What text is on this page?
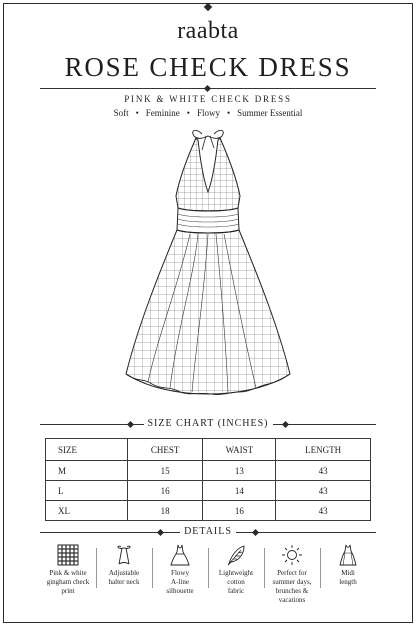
raabta
ROSE CHECK DRESS
PINK & WHITE CHECK DRESS
Soft • Feminine • Flowy • Summer Essential
SIZE CHART (INCHES)
SIZE	CHEST	WAIST	LENGTH
M	15	13	43
L	16	14	43
XL	18	16	43
DETAILS
Pink & white
gingham check
print
Adjustable
halter neck
Flowy
A-line
silhouette
Lightweight
cotton
fabric
Perfect for
summer days,
brunches &
vacations
Midi
length
